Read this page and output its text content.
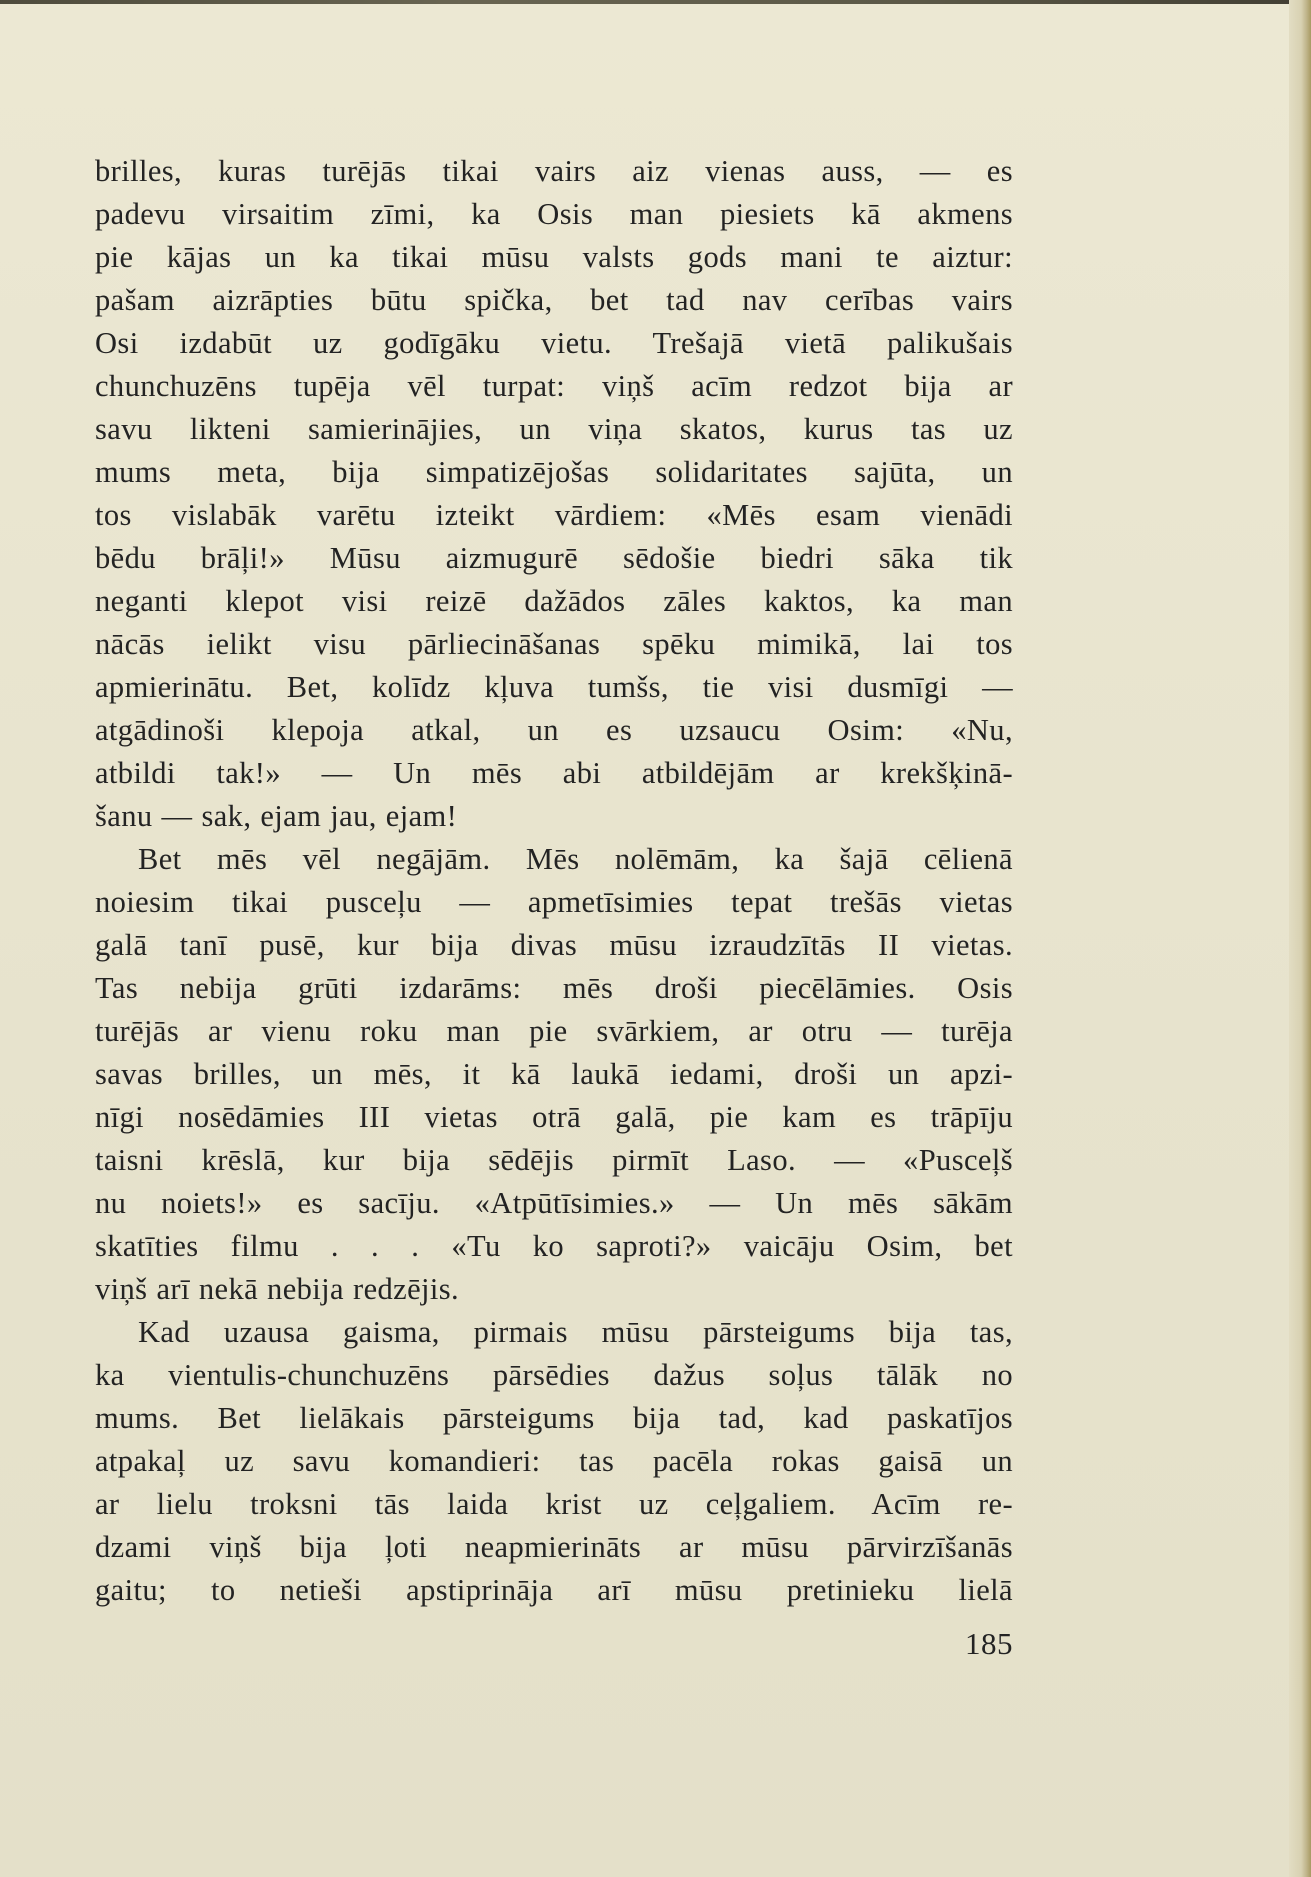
brilles, kuras turējās tikai vairs aiz vienas auss, — es
padevu virsaitim zīmi, ka Osis man piesiets kā akmens
pie kājas un ka tikai mūsu valsts gods mani te aiztur:
pašam aizrāpties būtu spička, bet tad nav cerības vairs
Osi izdabūt uz godīgāku vietu. Trešajā vietā palikušais
chunchuzēns tupēja vēl turpat: viņš acīm redzot bija ar
savu likteni samierinājies, un viņa skatos, kurus tas uz
mums meta, bija simpatizējošas solidaritates sajūta, un
tos vislabāk varētu izteikt vārdiem: «Mēs esam vienādi
bēdu brāļi!» Mūsu aizmugurē sēdošie biedri sāka tik
neganti klepot visi reizē dažādos zāles kaktos, ka man
nācās ielikt visu pārliecināšanas spēku mimikā, lai tos
apmierinātu. Bet, kolīdz kļuva tumšs, tie visi dusmīgi —
atgādinoši klepoja atkal, un es uzsaucu Osim: «Nu,
atbildi tak!» — Un mēs abi atbildējām ar krekšķinā-
šanu — sak, ejam jau, ejam!
Bet mēs vēl negājām. Mēs nolēmām, ka šajā cēlienā
noiesim tikai pusceļu — apmetīsimies tepat trešās vietas
galā tanī pusē, kur bija divas mūsu izraudzītās II vietas.
Tas nebija grūti izdarāms: mēs droši piecēlāmies. Osis
turējās ar vienu roku man pie svārkiem, ar otru — turēja
savas brilles, un mēs, it kā laukā iedami, droši un apzi-
nīgi nosēdāmies III vietas otrā galā, pie kam es trāpīju
taisni krēslā, kur bija sēdējis pirmīt Laso. — «Pusceļš
nu noiets!» es sacīju. «Atpūtīsimies.» — Un mēs sākām
skatīties filmu . . . «Tu ko saproti?» vaicāju Osim, bet
viņš arī nekā nebija redzējis.
Kad uzausa gaisma, pirmais mūsu pārsteigums bija tas,
ka vientulis-chunchuzēns pārsēdies dažus soļus tālāk no
mums. Bet lielākais pārsteigums bija tad, kad paskatījos
atpakaļ uz savu komandieri: tas pacēla rokas gaisā un
ar lielu troksni tās laida krist uz ceļgaliem. Acīm re-
dzami viņš bija ļoti neapmierināts ar mūsu pārvirzīšanās
gaitu; to netieši apstiprināja arī mūsu pretinieku lielā
185
